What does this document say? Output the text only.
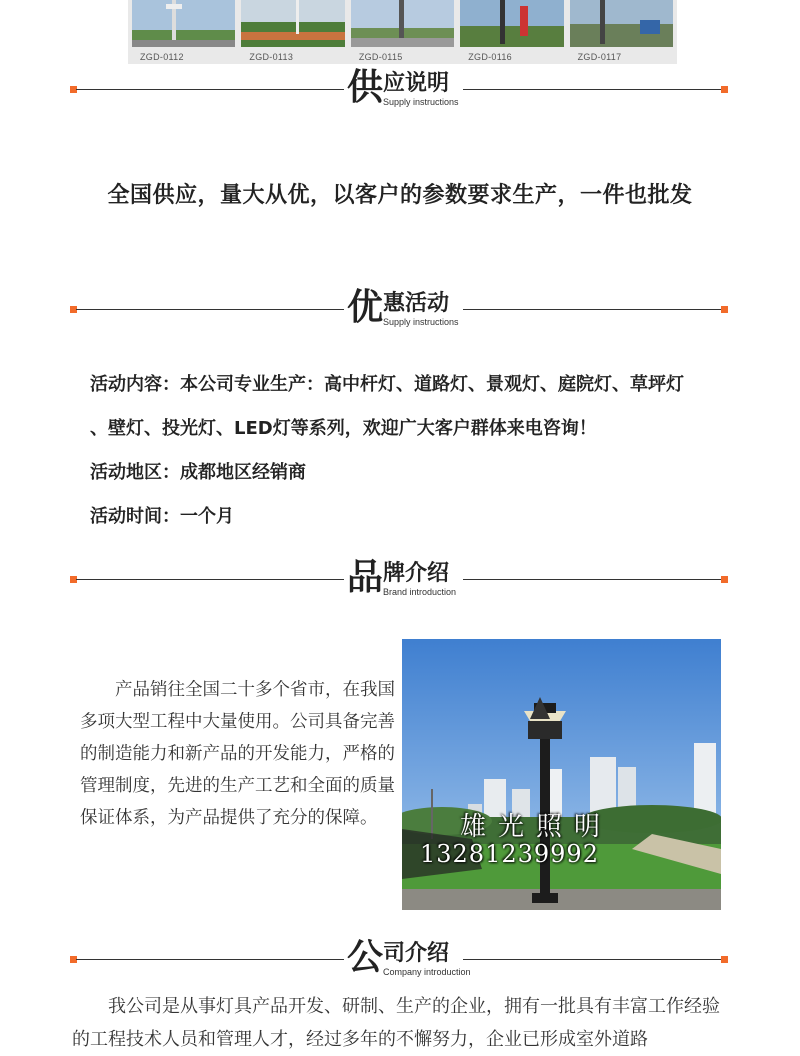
ZGD-0112	ZGD-0113	ZGD-0115	ZGD-0116	ZGD-0117
供 应说明
Supply instructions
全国供应，量大从优，以客户的参数要求生产，一件也批发
优 惠活动
Supply instructions

活动内容：本公司专业生产：高中杆灯、道路灯、景观灯、庭院灯、草坪灯

、壁灯、投光灯、LED灯等系列，欢迎广大客户群体来电咨询！

活动地区：成都地区经销商

活动时间：一个月

品 牌介绍
Brand introduction
产品销往全国二十多个省市，在我国多项大型工程中大量使用。公司具备完善的制造能力和新产品的开发能力，严格的管理制度，先进的生产工艺和全面的质量保证体系，为产品提供了充分的保障。	雄光照明
13281239992
公 司介绍
Company introduction
我公司是从事灯具产品开发、研制、生产的企业，拥有一批具有丰富工作经验的工程技术人员和管理人才，经过多年的不懈努力，企业已形成室外道路
